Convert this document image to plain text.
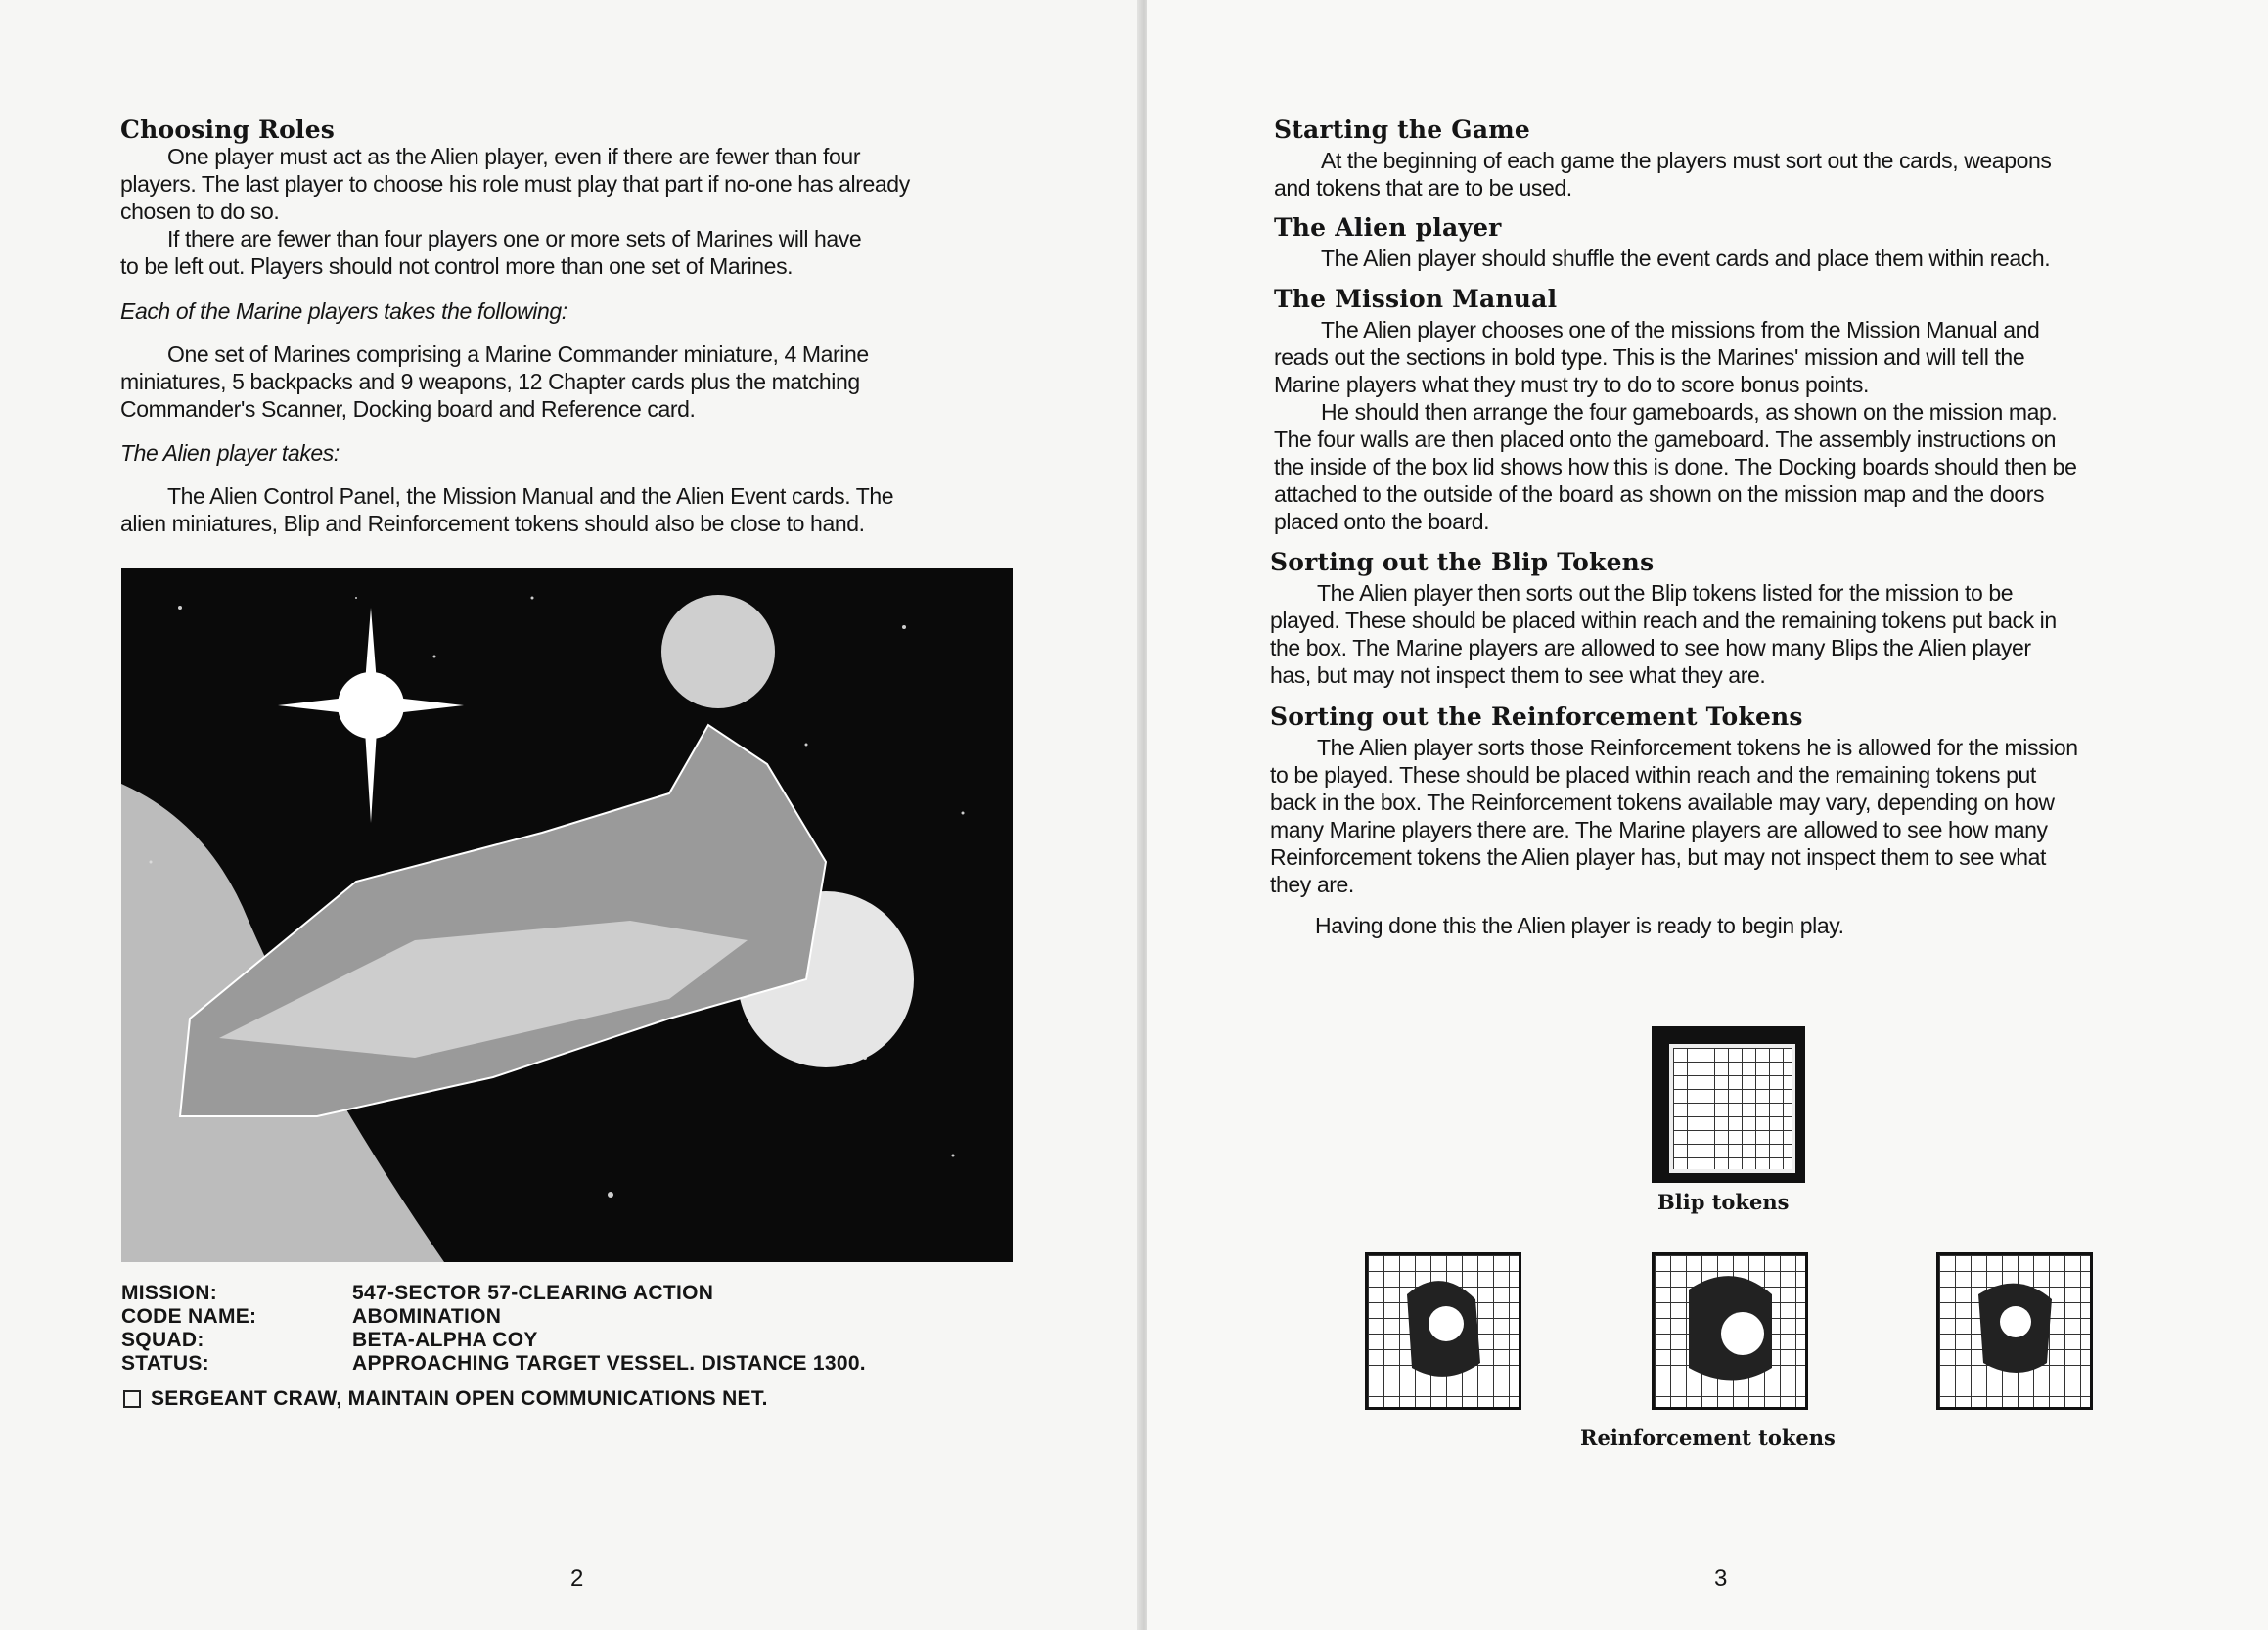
Choosing Roles
One player must act as the Alien player, even if there are fewer than four
players. The last player to choose his role must play that part if no-one has already
chosen to do so.
If there are fewer than four players one or more sets of Marines will have
to be left out. Players should not control more than one set of Marines.
Each of the Marine players takes the following:
One set of Marines comprising a Marine Commander miniature, 4 Marine
miniatures, 5 backpacks and 9 weapons, 12 Chapter cards plus the matching
Commander's Scanner, Docking board and Reference card.
The Alien player takes:
The Alien Control Panel, the Mission Manual and the Alien Event cards. The
alien miniatures, Blip and Reinforcement tokens should also be close to hand.
MISSION:	547-SECTOR 57-CLEARING ACTION
CODE NAME:	ABOMINATION
SQUAD:	BETA-ALPHA COY
STATUS:	APPROACHING TARGET VESSEL. DISTANCE 1300.
SERGEANT CRAW, MAINTAIN OPEN COMMUNICATIONS NET.
2
Starting the Game
At the beginning of each game the players must sort out the cards, weapons
and tokens that are to be used.
The Alien player
The Alien player should shuffle the event cards and place them within reach.
The Mission Manual
The Alien player chooses one of the missions from the Mission Manual and
reads out the sections in bold type. This is the Marines' mission and will tell the
Marine players what they must try to do to score bonus points.
He should then arrange the four gameboards, as shown on the mission map.
The four walls are then placed onto the gameboard. The assembly instructions on
the inside of the box lid shows how this is done. The Docking boards should then be
attached to the outside of the board as shown on the mission map and the doors
placed onto the board.
Sorting out the Blip Tokens
The Alien player then sorts out the Blip tokens listed for the mission to be
played. These should be placed within reach and the remaining tokens put back in
the box. The Marine players are allowed to see how many Blips the Alien player
has, but may not inspect them to see what they are.
Sorting out the Reinforcement Tokens
The Alien player sorts those Reinforcement tokens he is allowed for the mission
to be played. These should be placed within reach and the remaining tokens put
back in the box. The Reinforcement tokens available may vary, depending on how
many Marine players there are. The Marine players are allowed to see how many
Reinforcement tokens the Alien player has, but may not inspect them to see what
they are.
Having done this the Alien player is ready to begin play.
Blip tokens
Reinforcement tokens
3
